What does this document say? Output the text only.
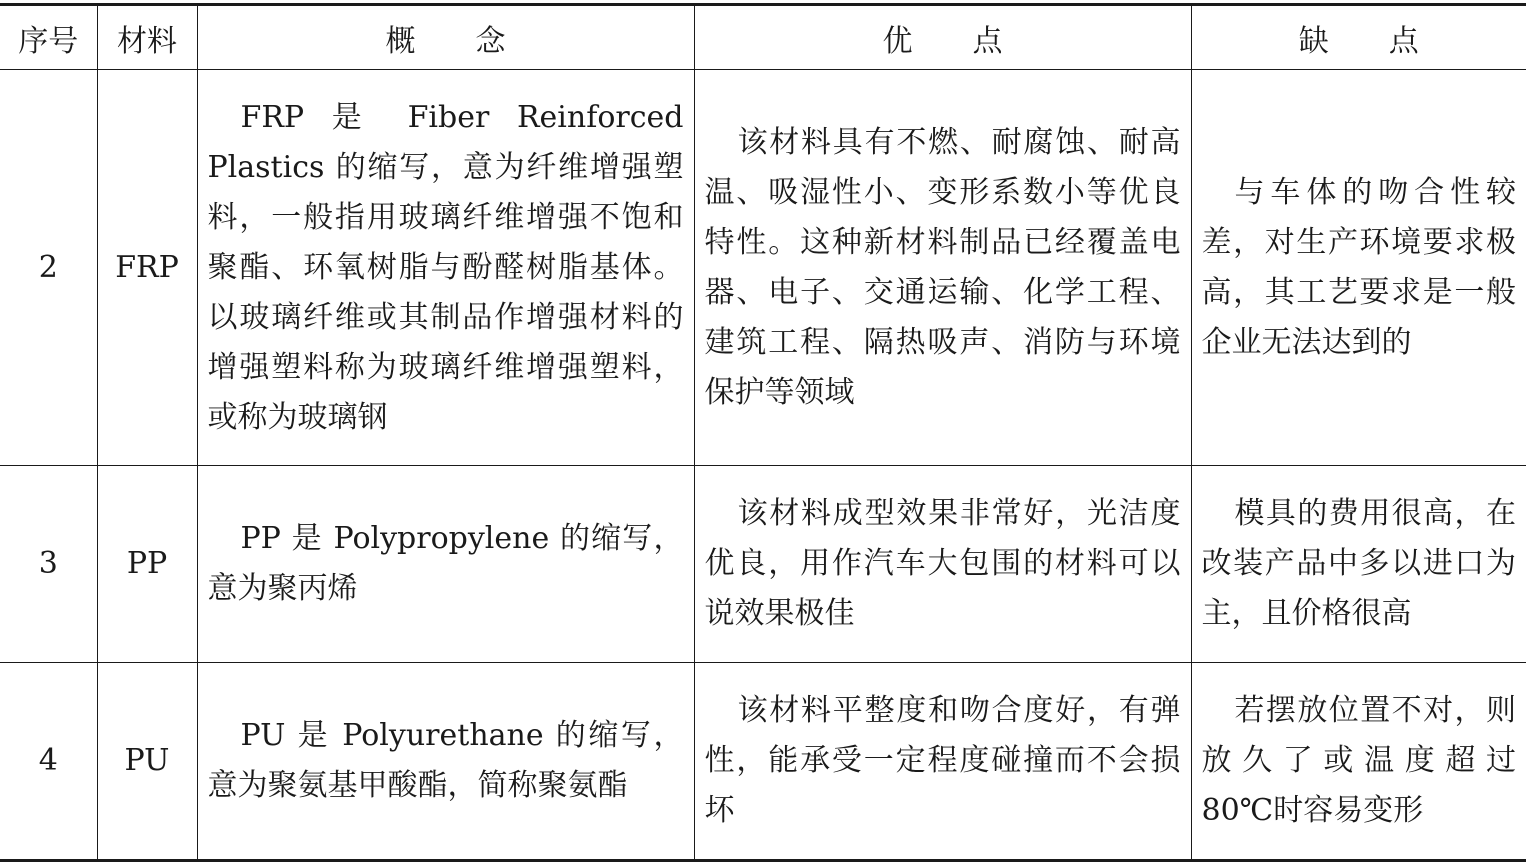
序号	材料	概　　念	优　　点	缺　　点
2	FRP	FRP 是 Fiber Reinforced Plastics 的缩写，意为纤维增强塑料，一般指用玻璃纤维增强不饱和聚酯、环氧树脂与酚醛树脂基体。以玻璃纤维或其制品作增强材料的增强塑料称为玻璃纤维增强塑料，或称为玻璃钢	该材料具有不燃、耐腐蚀、耐高温、吸湿性小、变形系数小等优良特性。这种新材料制品已经覆盖电器、电子、交通运输、化学工程、建筑工程、隔热吸声、消防与环境保护等领域	与车体的吻合性较差，对生产环境要求极高，其工艺要求是一般企业无法达到的
3	PP	PP 是 Polypropylene 的缩写，意为聚丙烯	该材料成型效果非常好，光洁度优良，用作汽车大包围的材料可以说效果极佳	模具的费用很高，在改装产品中多以进口为主，且价格很高
4	PU	PU 是 Polyurethane 的缩写，意为聚氨基甲酸酯，简称聚氨酯	该材料平整度和吻合度好，有弹性，能承受一定程度碰撞而不会损坏	若摆放位置不对，则放久了或温度超过 80℃时容易变形
